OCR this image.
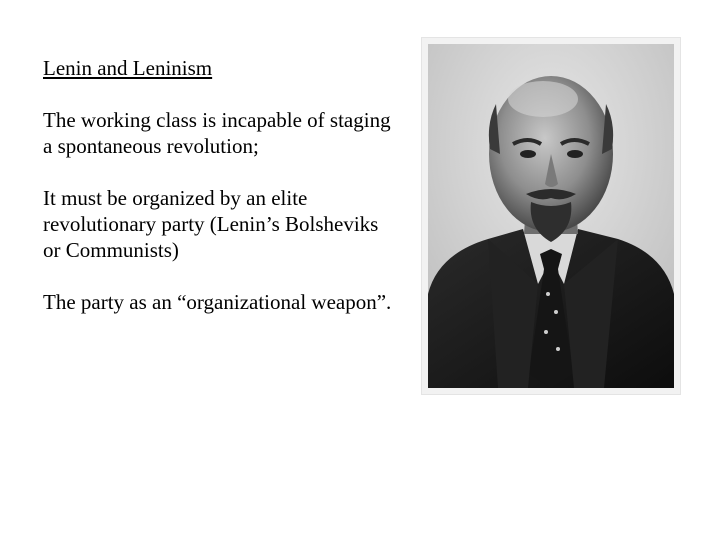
Lenin and Leninism
The working class is incapable of staging a spontaneous revolution;
It must be organized by an elite revolutionary party (Lenin’s Bolsheviks or Communists)
The party as an “organizational weapon”.
